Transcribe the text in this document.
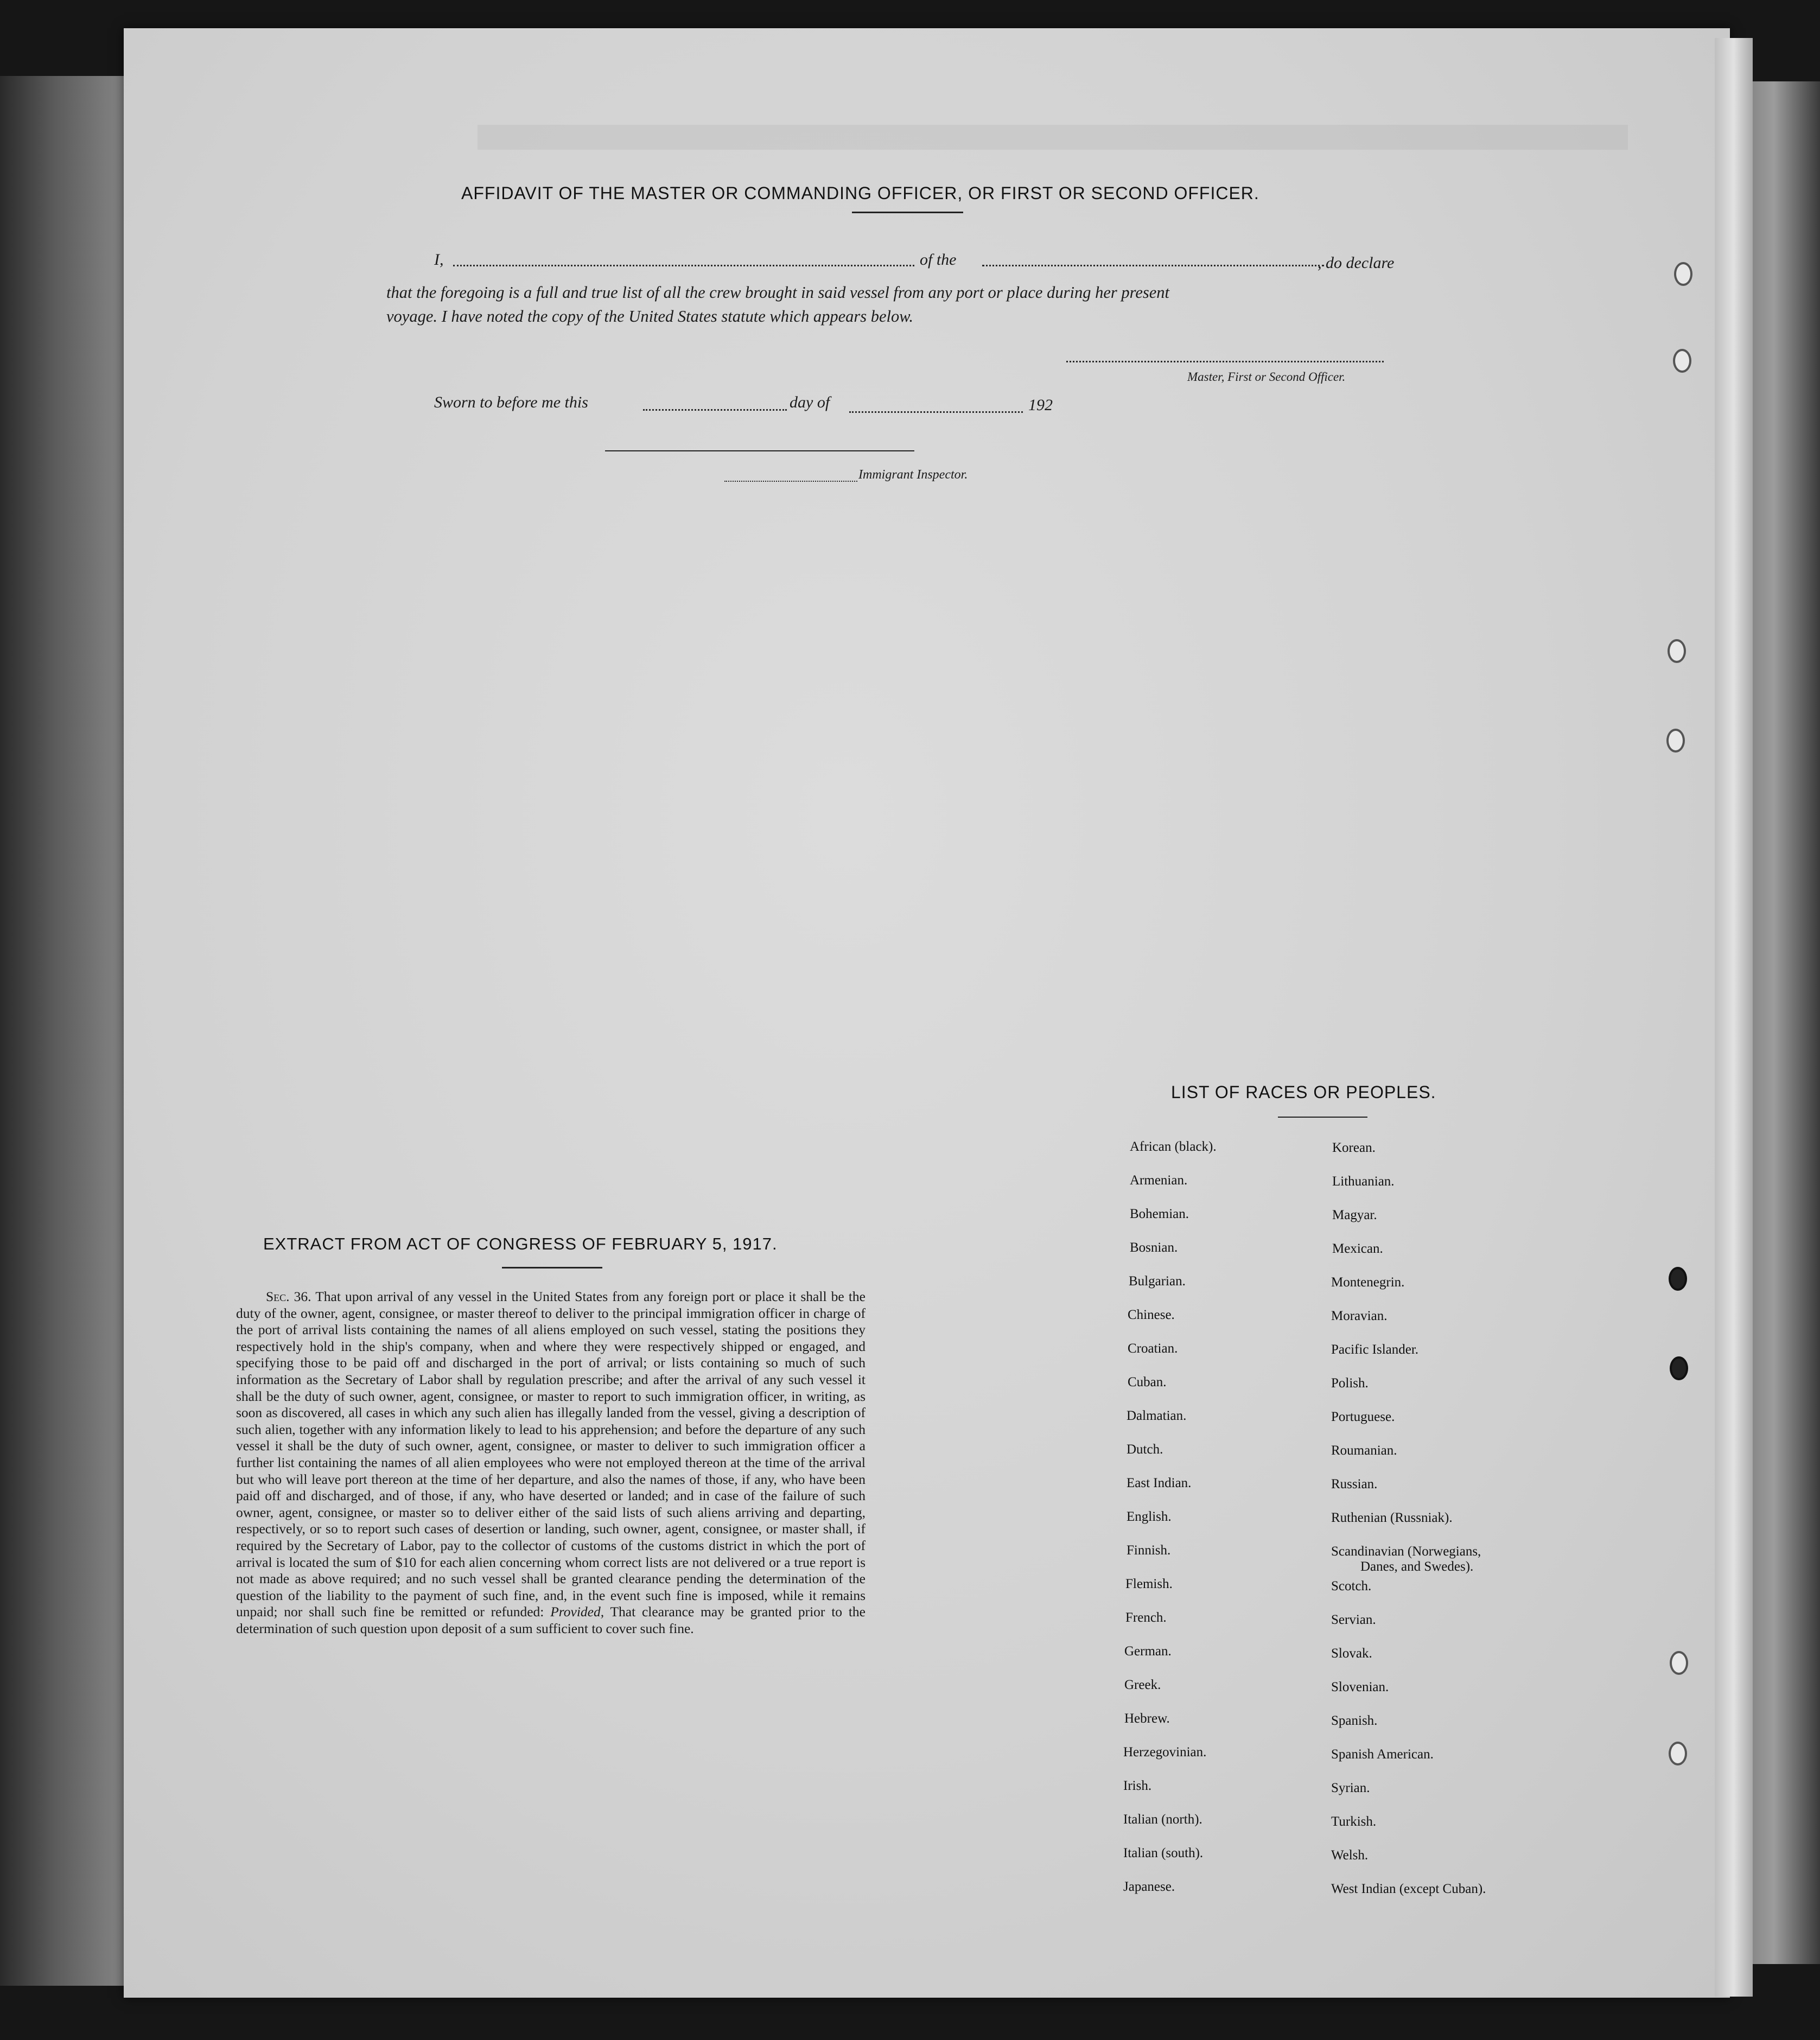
AFFIDAVIT OF THE MASTER OR COMMANDING OFFICER, OR FIRST OR SECOND OFFICER.
I,	of the	, do declare
that the foregoing is a full and true list of all the crew brought in said vessel from any port or place during her present
voyage. I have noted the copy of the United States statute which appears below.
Master, First or Second Officer.
Sworn to before me this	day of	192
Immigrant Inspector.
EXTRACT FROM ACT OF CONGRESS OF FEBRUARY 5, 1917.
Sec. 36. That upon arrival of any vessel in the United States from any foreign port or place it shall be the duty of the owner, agent, consignee, or master thereof to deliver to the principal immigration officer in charge of the port of arrival lists containing the names of all aliens employed on such vessel, stating the positions they respectively hold in the ship's company, when and where they were respectively shipped or engaged, and specifying those to be paid off and discharged in the port of arrival; or lists containing so much of such information as the Secretary of Labor shall by regulation prescribe; and after the arrival of any such vessel it shall be the duty of such owner, agent, consignee, or master to report to such immigration officer, in writing, as soon as discovered, all cases in which any such alien has illegally landed from the vessel, giving a description of such alien, together with any information likely to lead to his apprehension; and before the departure of any such vessel it shall be the duty of such owner, agent, consignee, or master to deliver to such immigration officer a further list containing the names of all alien employees who were not employed thereon at the time of the arrival but who will leave port thereon at the time of her departure, and also the names of those, if any, who have been paid off and discharged, and of those, if any, who have deserted or landed; and in case of the failure of such owner, agent, consignee, or master so to deliver either of the said lists of such aliens arriving and departing, respectively, or so to report such cases of desertion or landing, such owner, agent, consignee, or master shall, if required by the Secretary of Labor, pay to the collector of customs of the customs district in which the port of arrival is located the sum of $10 for each alien concerning whom correct lists are not delivered or a true report is not made as above required; and no such vessel shall be granted clearance pending the determination of the question of the liability to the payment of such fine, and, in the event such fine is imposed, while it remains unpaid; nor shall such fine be remitted or refunded: Provided, That clearance may be granted prior to the determination of such question upon deposit of a sum sufficient to cover such fine.
LIST OF RACES OR PEOPLES.
African (black).
Armenian.
Bohemian.
Bosnian.
Bulgarian.
Chinese.
Croatian.
Cuban.
Dalmatian.
Dutch.
East Indian.
English.
Finnish.
Flemish.
French.
German.
Greek.
Hebrew.
Herzegovinian.
Irish.
Italian (north).
Italian (south).
Japanese.
Korean.
Lithuanian.
Magyar.
Mexican.
Montenegrin.
Moravian.
Pacific Islander.
Polish.
Portuguese.
Roumanian.
Russian.
Ruthenian (Russniak).
Scandinavian (Norwegians,
Danes, and Swedes).
Scotch.
Servian.
Slovak.
Slovenian.
Spanish.
Spanish American.
Syrian.
Turkish.
Welsh.
West Indian (except Cuban).
